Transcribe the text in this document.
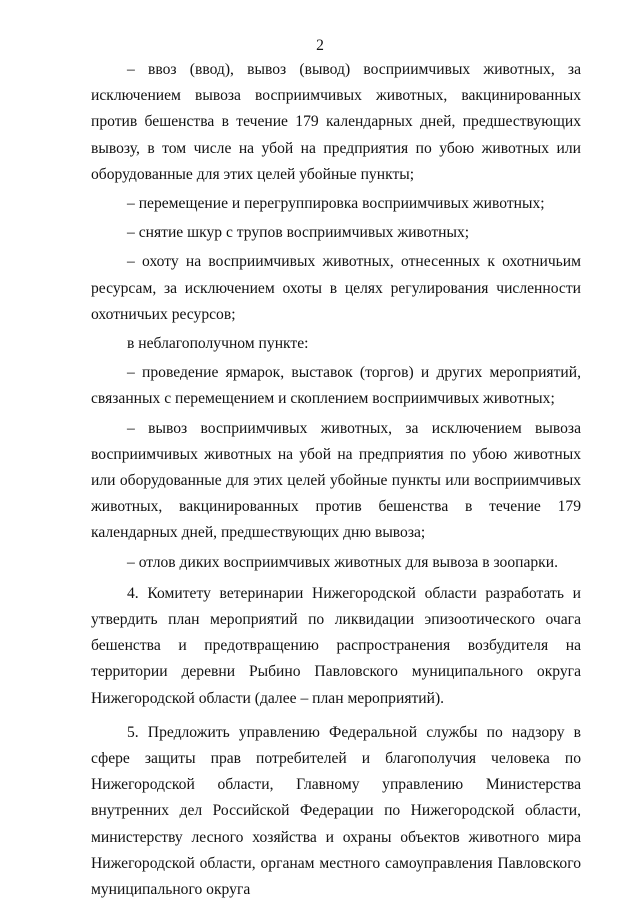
2

– ввоз (ввод), вывоз (вывод) восприимчивых животных, за исключением вывоза восприимчивых животных, вакцинированных против бешенства в течение 179 календарных дней, предшествующих вывозу, в том числе на убой на предприятия по убою животных или оборудованные для этих целей убойные пункты;

– перемещение и перегруппировка восприимчивых животных;

– снятие шкур с трупов восприимчивых животных;

– охоту на восприимчивых животных, отнесенных к охотничьим ресурсам, за исключением охоты в целях регулирования численности охотничьих ресурсов;

в неблагополучном пункте:

– проведение ярмарок, выставок (торгов) и других мероприятий, связанных с перемещением и скоплением восприимчивых животных;

– вывоз восприимчивых животных, за исключением вывоза восприимчивых животных на убой на предприятия по убою животных или оборудованные для этих целей убойные пункты или восприимчивых животных, вакцинированных против бешенства в течение 179 календарных дней, предшествующих дню вывоза;

– отлов диких восприимчивых животных для вывоза в зоопарки.

4. Комитету ветеринарии Нижегородской области разработать и утвердить план мероприятий по ликвидации эпизоотического очага бешенства и предотвращению распространения возбудителя на территории деревни Рыбино Павловского муниципального округа Нижегородской области (далее – план мероприятий).

5. Предложить управлению Федеральной службы по надзору в сфере защиты прав потребителей и благополучия человека по Нижегородской области, Главному управлению Министерства внутренних дел Российской Федерации по Нижегородской области, министерству лесного хозяйства и охраны объектов животного мира Нижегородской области, органам местного самоуправления Павловского муниципального округа
